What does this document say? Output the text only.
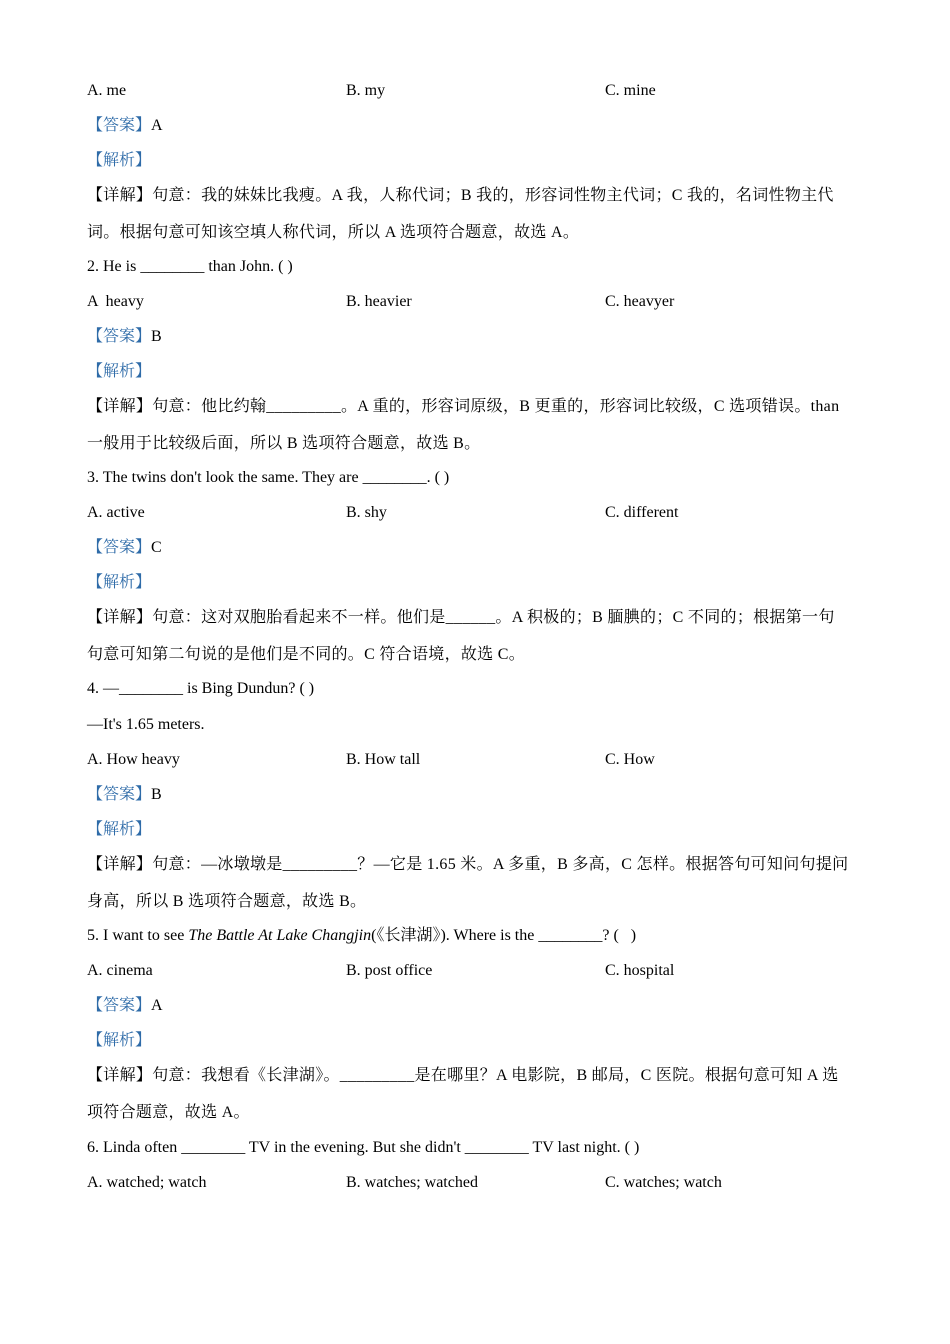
A. me	B. my	C. mine
【答案】A
【解析】
【详解】句意：我的妹妹比我瘦。A 我，人称代词；B 我的，形容词性物主代词；C 我的，名词性物主代
词。根据句意可知该空填人称代词，所以 A 选项符合题意，故选 A。
2. He is ________ than John. ( )
A  heavy	B. heavier	C. heavyer
【答案】B
【解析】
【详解】句意：他比约翰_________。A 重的，形容词原级，B 更重的，形容词比较级，C 选项错误。than
一般用于比较级后面，所以 B 选项符合题意，故选 B。
3. The twins don't look the same. They are ________. ( )
A. active	B. shy	C. different
【答案】C
【解析】
【详解】句意：这对双胞胎看起来不一样。他们是______。A 积极的；B 腼腆的；C 不同的；根据第一句
句意可知第二句说的是他们是不同的。C 符合语境，故选 C。
4. —________ is Bing Dundun? ( )
—It's 1.65 meters.
A. How heavy	B. How tall	C. How
【答案】B
【解析】
【详解】句意：—冰墩墩是_________？—它是 1.65 米。A 多重，B 多高，C 怎样。根据答句可知问句提问
身高，所以 B 选项符合题意，故选 B。
5. I want to see The Battle At Lake Changjin(《长津湖》). Where is the ________? (   )
A. cinema	B. post office	C. hospital
【答案】A
【解析】
【详解】句意：我想看《长津湖》。_________是在哪里？A 电影院，B 邮局，C 医院。根据句意可知 A 选
项符合题意，故选 A。
6. Linda often ________ TV in the evening. But she didn't ________ TV last night. ( )
A. watched; watch	B. watches; watched	C. watches; watch
